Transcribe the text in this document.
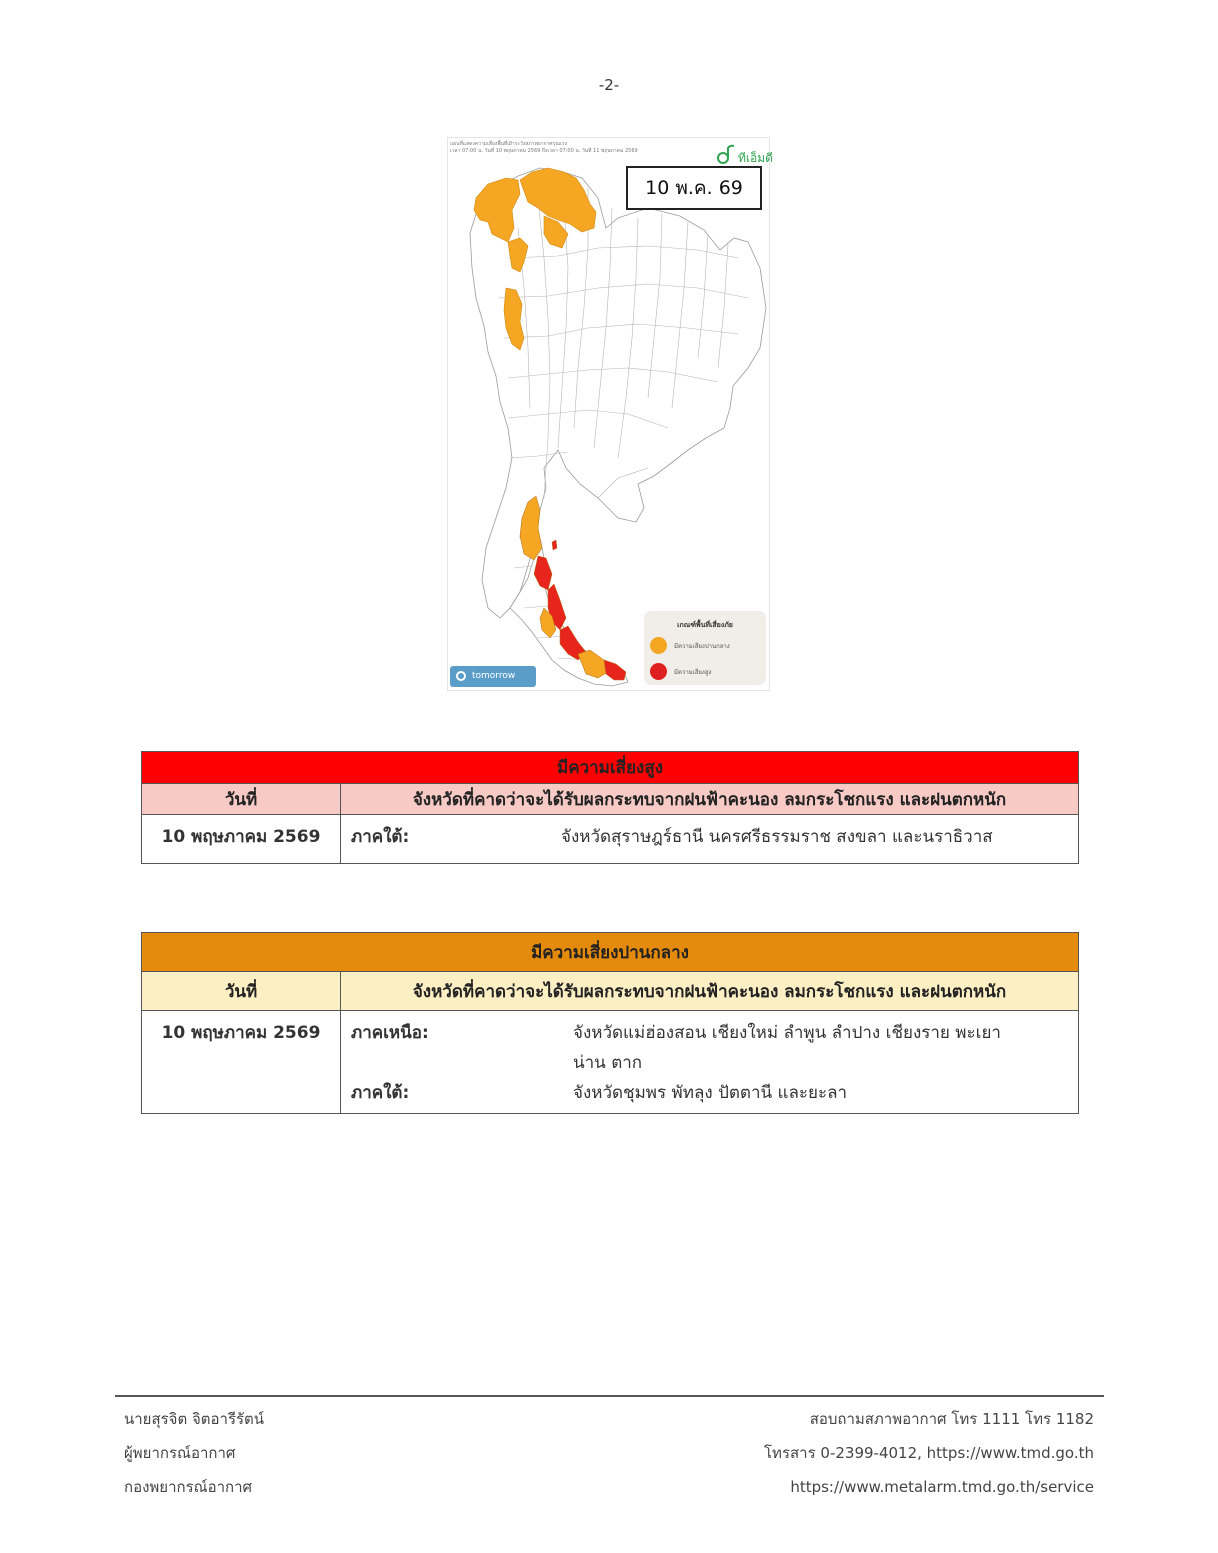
-2-
แผนที่แสดงความเสี่ยงพื้นที่เฝ้าระวังสภาพอากาศรุนแรง
เวลา 07:00 น. วันที่ 10 พฤษภาคม 2569 ถึงเวลา 07:00 น. วันที่ 11 พฤษภาคม 2569	ทีเอ็มดี
10 พ.ค. 69
เกณฑ์พื้นที่เสี่ยงภัย
มีความเสี่ยงปานกลาง
มีความเสี่ยงสูง
tomorrow
มีความเสี่ยงสูง	
วันที่	จังหวัดที่คาดว่าจะได้รับผลกระทบจากฝนฟ้าคะนอง ลมกระโชกแรง และฝนตกหนัก
10 พฤษภาคม 2569	ภาคใต้: จังหวัดสุราษฎร์ธานี นครศรีธรรมราช สงขลา และนราธิวาส
มีความเสี่ยงปานกลาง	
วันที่	จังหวัดที่คาดว่าจะได้รับผลกระทบจากฝนฟ้าคะนอง ลมกระโชกแรง และฝนตกหนัก
10 พฤษภาคม 2569	ภาคเหนือ: จังหวัดแม่ฮ่องสอน เชียงใหม่ ลำพูน ลำปาง เชียงราย พะเยา
น่าน ตาก
ภาคใต้: จังหวัดชุมพร พัทลุง ปัตตานี และยะลา
นายสุรจิต จิตอารีรัตน์
ผู้พยากรณ์อากาศ
กองพยากรณ์อากาศ
สอบถามสภาพอากาศ โทร 1111 โทร 1182
โทรสาร 0-2399-4012, https://www.tmd.go.th
https://www.metalarm.tmd.go.th/service
